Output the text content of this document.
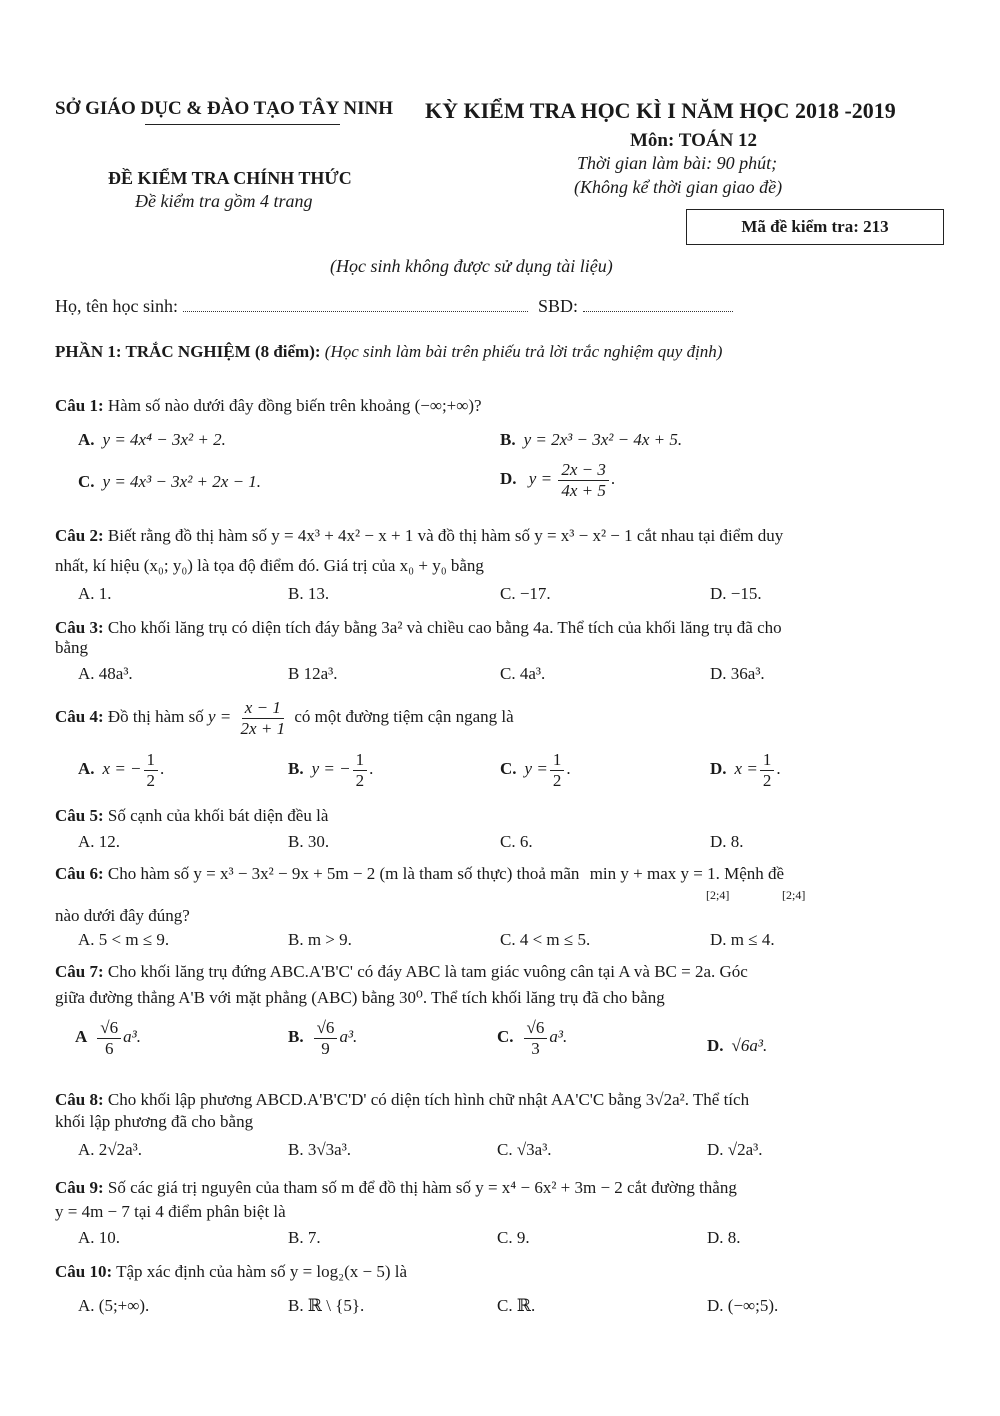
SỞ GIÁO DỤC & ĐÀO TẠO TÂY NINH KỲ KIỂM TRA HỌC KÌ I NĂM HỌC 2018 -2019
Môn: TOÁN 12
Thời gian làm bài: 90 phút;
(Không kể thời gian giao đề)
ĐỀ KIỂM TRA CHÍNH THỨC
Đề kiểm tra gồm 4 trang
Mã đề kiểm tra: 213
(Học sinh không được sử dụng tài liệu)
Họ, tên học sinh:	SBD:
PHẦN 1: TRẮC NGHIỆM (8 điểm): (Học sinh làm bài trên phiếu trả lời trắc nghiệm quy định)
Câu 1: Hàm số nào dưới đây đồng biến trên khoảng (−∞;+∞)?
A. y = 4x⁴ − 3x² + 2.	B. y = 2x³ − 3x² − 4x + 5.
C. y = 4x³ − 3x² + 2x − 1.	D. $y = \frac{2x - 3}{4x + 5}$ .
Câu 2: Biết rằng đồ thị hàm số y = 4x³ + 4x² − x + 1 và đồ thị hàm số y = x³ − x² − 1 cắt nhau tại điểm duy
nhất, kí hiệu (x₀; y₀) là tọa độ điểm đó. Giá trị của x₀ + y₀ bằng
A. 1.	B. 13.	C. −17.	D. −15.
Câu 3: Cho khối lăng trụ có diện tích đáy bằng 3a² và chiều cao bằng 4a. Thể tích của khối lăng trụ đã cho
bằng
A. 48a³.	B 12a³.	C. 4a³.	D. 36a³.
Câu 4: Đồ thị hàm số $y = \frac{x - 1}{2x + 1}$ có một đường tiệm cận ngang là
A. x = − $\frac{1}{2}$ .	B. y = − $\frac{1}{2}$ .	C. $y = \frac{1}{2}$ .	D. $x = \frac{1}{2}$ .
Câu 5: Số cạnh của khối bát diện đều là
A. 12.	B. 30.	C. 6.	D. 8.
Câu 6: Cho hàm số y = x³ − 3x² − 9x + 5m − 2 (m là tham số thực) thoả mãn min y + max y = 1. Mệnh đề
[2;4]	[2;4]
nào dưới đây đúng?
A. 5 < m ≤ 9.	B. m > 9.	C. 4 < m ≤ 5.	D. m ≤ 4.
Câu 7: Cho khối lăng trụ đứng ABC.A'B'C' có đáy ABC là tam giác vuông cân tại A và BC = 2a. Góc
giữa đường thẳng A'B với mặt phẳng (ABC) bằng 30⁰. Thể tích khối lăng trụ đã cho bằng
A $\frac{√6}{6} a^3$.	B. $\frac{√6}{9} a^3$.	C. $\frac{√6}{3} a^3$.	D. √6a³.
Câu 8: Cho khối lập phương ABCD.A'B'C'D' có diện tích hình chữ nhật AA'C'C bằng 3√2a². Thể tích
khối lập phương đã cho bằng
A. 2√2a³.	B. 3√3a³.	C. √3a³.	D. √2a³.
Câu 9: Số các giá trị nguyên của tham số m để đồ thị hàm số y = x⁴ − 6x² + 3m − 2 cắt đường thẳng
y = 4m − 7 tại 4 điểm phân biệt là
A. 10.	B. 7.	C. 9.	D. 8.
Câu 10: Tập xác định của hàm số y = log₂(x − 5) là
A. (5;+∞).	B. ℝ \ {5}.	C. ℝ.	D. (−∞;5).
